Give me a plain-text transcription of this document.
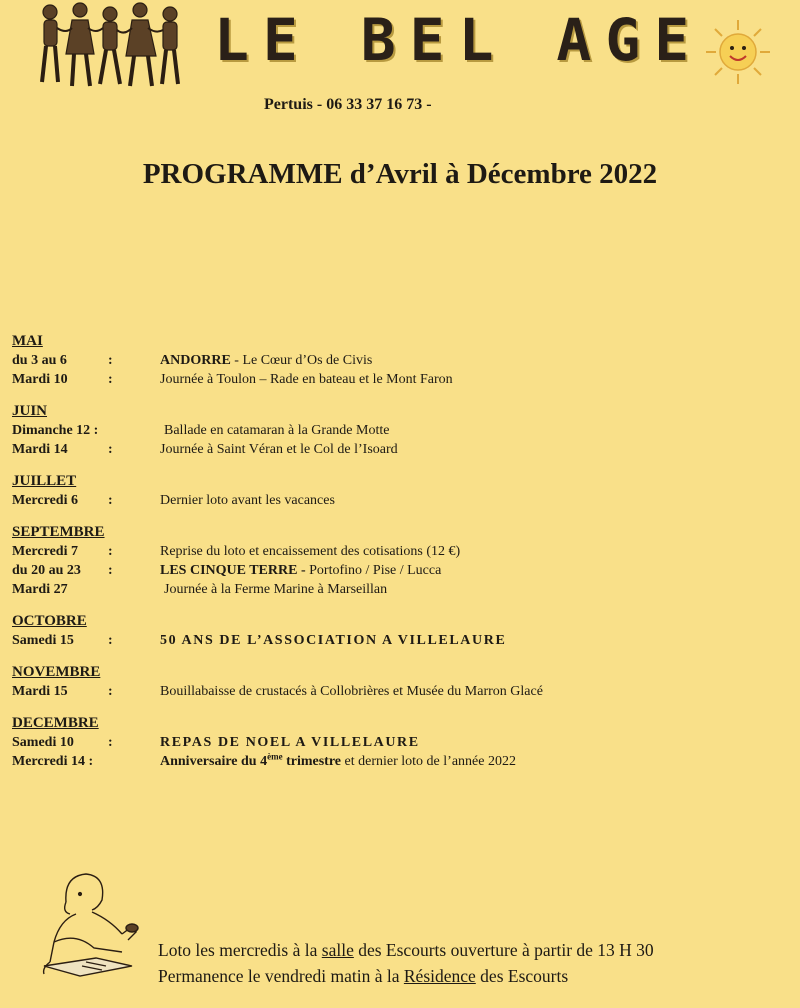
LE BEL AGE
Pertuis - 06 33 37 16 73 -
PROGRAMME d’Avril à Décembre 2022
MAI
du 3 au 6	:	ANDORRE - Le Cœur d’Os de Civis
Mardi 10	:	Journée à Toulon – Rade en bateau et le Mont Faron
JUIN
Dimanche 12 :	Ballade en catamaran à la Grande Motte
Mardi 14	:	Journée à Saint Véran et le Col de l’Isoard
JUILLET
Mercredi 6 :	Dernier loto avant les vacances
SEPTEMBRE
Mercredi 7 :	Reprise du loto et encaissement des cotisations (12 €)
du 20 au 23 :	LES CINQUE TERRE - Portofino / Pise / Lucca
Mardi 27	Journée à la Ferme Marine à Marseillan
OCTOBRE
Samedi 15 :	50 ANS DE L’ASSOCIATION A VILLELAURE
NOVEMBRE
Mardi 15	:	Bouillabaisse de crustacés à Collobrières et Musée du Marron Glacé
DECEMBRE
Samedi 10 :	REPAS DE NOEL A VILLELAURE
Mercredi 14 :	Anniversaire du 4ème trimestre et dernier loto de l’année 2022
Loto les mercredis à la salle des Escourts ouverture à partir de 13 H 30
Permanence le vendredi matin à la Résidence des Escourts
